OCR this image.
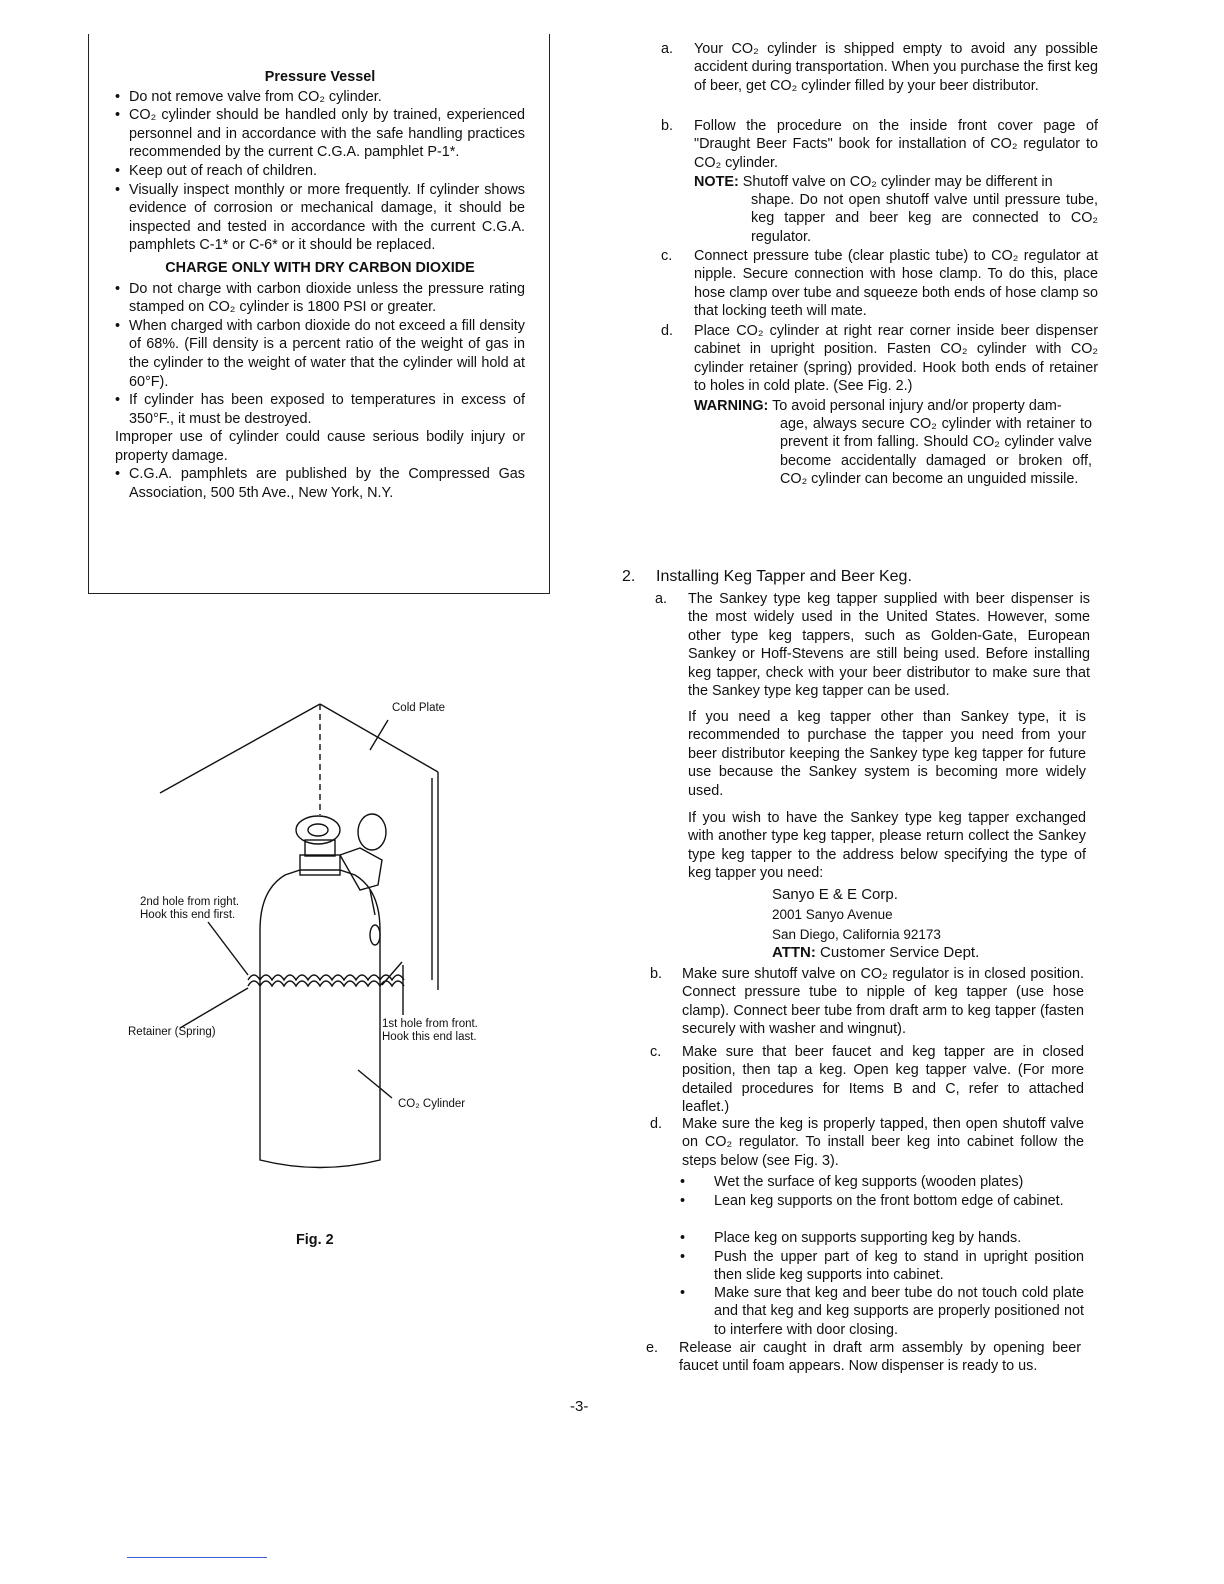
Pressure Vessel
• Do not remove valve from CO₂ cylinder.
• CO₂ cylinder should be handled only by trained, experienced personnel and in accordance with the safe handling practices recommended by the current C.G.A. pamphlet P-1*.
• Keep out of reach of children.
• Visually inspect monthly or more frequently. If cylinder shows evidence of corrosion or mechanical damage, it should be inspected and tested in accordance with the current C.G.A. pamphlets C-1* or C-6* or it should be replaced.
CHARGE ONLY WITH DRY CARBON DIOXIDE
• Do not charge with carbon dioxide unless the pressure rating stamped on CO₂ cylinder is 1800 PSI or greater.
• When charged with carbon dioxide do not exceed a fill density of 68%. (Fill density is a percent ratio of the weight of gas in the cylinder to the weight of water that the cylinder will hold at 60°F).
• If cylinder has been exposed to temperatures in excess of 350°F., it must be destroyed.
Improper use of cylinder could cause serious bodily injury or property damage.
• C.G.A. pamphlets are published by the Compressed Gas Association, 500 5th Ave., New York, N.Y.
a. Your CO₂ cylinder is shipped empty to avoid any possible accident during transportation. When you purchase the first keg of beer, get CO₂ cylinder filled by your beer distributor.
b. Follow the procedure on the inside front cover page of "Draught Beer Facts" book for installation of CO₂ regulator to CO₂ cylinder.
NOTE: Shutoff valve on CO₂ cylinder may be different in
shape. Do not open shutoff valve until pressure tube, keg tapper and beer keg are connected to CO₂ regulator.
c. Connect pressure tube (clear plastic tube) to CO₂ regulator at nipple. Secure connection with hose clamp. To do this, place hose clamp over tube and squeeze both ends of hose clamp so that locking teeth will mate.
d. Place CO₂ cylinder at right rear corner inside beer dispenser cabinet in upright position. Fasten CO₂ cylinder with CO₂ cylinder retainer (spring) provided. Hook both ends of retainer to holes in cold plate. (See Fig. 2.)
WARNING: To avoid personal injury and/or property dam-
age, always secure CO₂ cylinder with retainer to prevent it from falling. Should CO₂ cylinder valve become accidentally damaged or broken off, CO₂ cylinder can become an unguided missile.
2. Installing Keg Tapper and Beer Keg.
a. The Sankey type keg tapper supplied with beer dispenser is the most widely used in the United States. However, some other type keg tappers, such as Golden-Gate, European Sankey or Hoff-Stevens are still being used. Before installing keg tapper, check with your beer distributor to make sure that the Sankey type keg tapper can be used.
If you need a keg tapper other than Sankey type, it is recommended to purchase the tapper you need from your beer distributor keeping the Sankey type keg tapper for future use because the Sankey system is becoming more widely used.
If you wish to have the Sankey type keg tapper exchanged with another type keg tapper, please return collect the Sankey type keg tapper to the address below specifying the type of keg tapper you need:
Sanyo E & E Corp.
2001 Sanyo Avenue
San Diego, California 92173
ATTN: Customer Service Dept.
b. Make sure shutoff valve on CO₂ regulator is in closed position. Connect pressure tube to nipple of keg tapper (use hose clamp). Connect beer tube from draft arm to keg tapper (fasten securely with washer and wingnut).
c. Make sure that beer faucet and keg tapper are in closed position, then tap a keg. Open keg tapper valve. (For more detailed procedures for Items B and C, refer to attached leaflet.)
d. Make sure the keg is properly tapped, then open shutoff valve on CO₂ regulator. To install beer keg into cabinet follow the steps below (see Fig. 3).
• Wet the surface of keg supports (wooden plates)
• Lean keg supports on the front bottom edge of cabinet.
• Place keg on supports supporting keg by hands.
• Push the upper part of keg to stand in upright position then slide keg supports into cabinet.
• Make sure that keg and beer tube do not touch cold plate and that keg and keg supports are properly positioned not to interfere with door closing.
e. Release air caught in draft arm assembly by opening beer faucet until foam appears. Now dispenser is ready to us.
Cold Plate
2nd hole from right.
Hook this end first.
1st hole from front.
Hook this end last.
Retainer (Spring)
CO₂ Cylinder
Fig. 2
-3-
